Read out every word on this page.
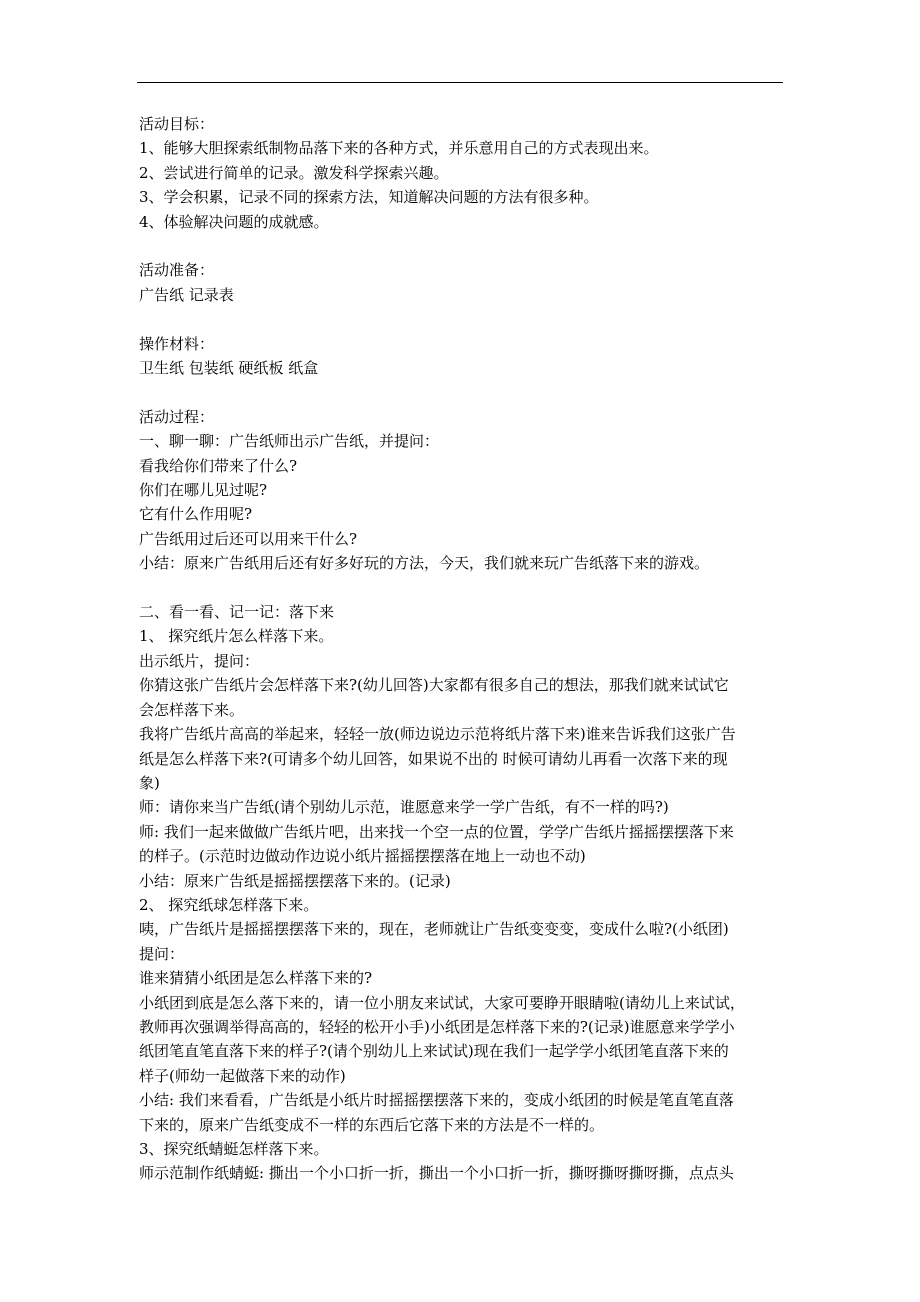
活动目标：

1、能够大胆探索纸制物品落下来的各种方式，并乐意用自己的方式表现出来。

2、尝试进行简单的记录。激发科学探索兴趣。

3、学会积累，记录不同的探索方法，知道解决问题的方法有很多种。

4、体验解决问题的成就感。

活动准备：

广告纸 记录表

操作材料：

卫生纸 包装纸 硬纸板 纸盒

活动过程：

一、聊一聊：广告纸师出示广告纸，并提问：

看我给你们带来了什么?

你们在哪儿见过呢?

它有什么作用呢?

广告纸用过后还可以用来干什么?

小结：原来广告纸用后还有好多好玩的方法，今天，我们就来玩广告纸落下来的游戏。

二、看一看、记一记：落下来

1、 探究纸片怎么样落下来。

出示纸片，提问：

你猜这张广告纸片会怎样落下来?(幼儿回答)大家都有很多自己的想法，那我们就来试试它

会怎样落下来。

我将广告纸片高高的举起来，轻轻一放(师边说边示范将纸片落下来)谁来告诉我们这张广告

纸是怎么样落下来?(可请多个幼儿回答，如果说不出的 时候可请幼儿再看一次落下来的现

象)

师：请你来当广告纸(请个别幼儿示范，谁愿意来学一学广告纸，有不一样的吗?)

师: 我们一起来做做广告纸片吧，出来找一个空一点的位置，学学广告纸片摇摇摆摆落下来

的样子。(示范时边做动作边说小纸片摇摇摆摆落在地上一动也不动)

小结：原来广告纸是摇摇摆摆落下来的。(记录)

2、 探究纸球怎样落下来。

咦，广告纸片是摇摇摆摆落下来的，现在，老师就让广告纸变变变，变成什么啦?(小纸团)

提问：

谁来猜猜小纸团是怎么样落下来的?

小纸团到底是怎么落下来的，请一位小朋友来试试，大家可要睁开眼睛啦(请幼儿上来试试，

教师再次强调举得高高的，轻轻的松开小手)小纸团是怎样落下来的?(记录)谁愿意来学学小

纸团笔直笔直落下来的样子?(请个别幼儿上来试试)现在我们一起学学小纸团笔直落下来的

样子(师幼一起做落下来的动作)

小结: 我们来看看，广告纸是小纸片时摇摇摆摆落下来的，变成小纸团的时候是笔直笔直落

下来的，原来广告纸变成不一样的东西后它落下来的方法是不一样的。

3、探究纸蜻蜓怎样落下来。

师示范制作纸蜻蜓: 撕出一个小口折一折，撕出一个小口折一折，撕呀撕呀撕呀撕，点点头
